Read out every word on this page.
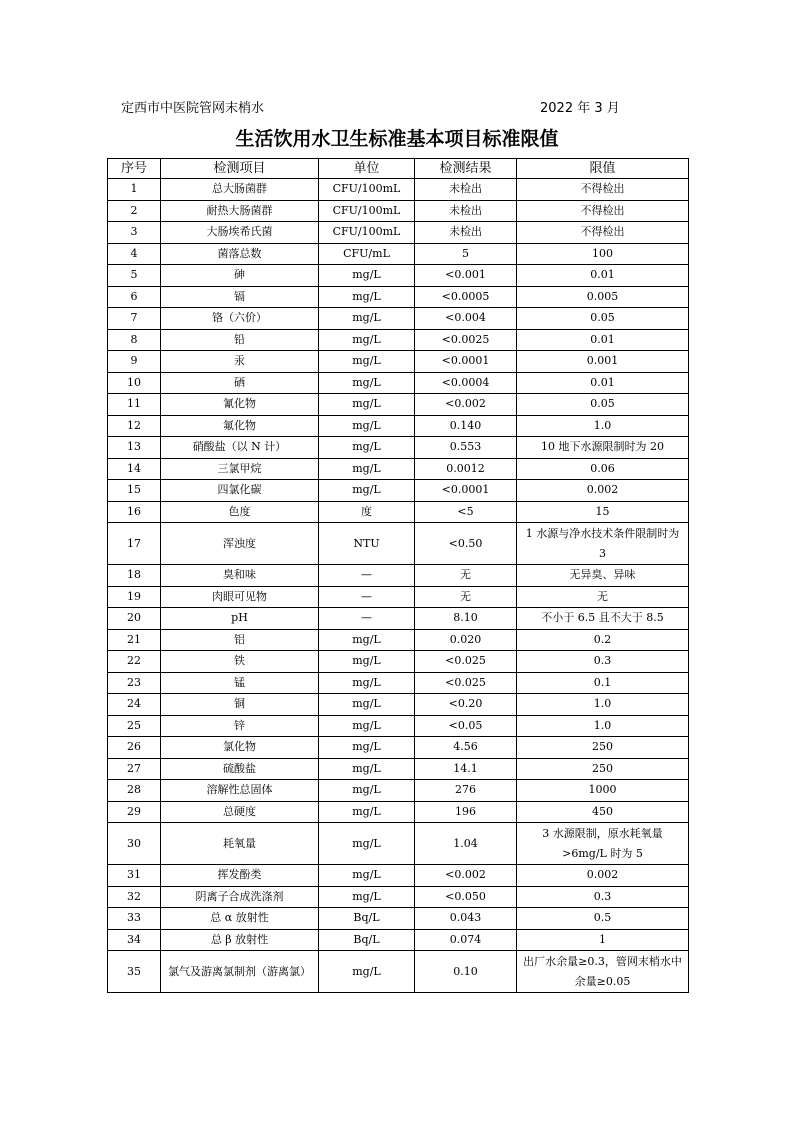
定西市中医院管网末梢水	2022 年 3 月
生活饮用水卫生标准基本项目标准限值
序号	检测项目	单位	检测结果	限值
1	总大肠菌群	CFU/100mL	未检出	不得检出
2	耐热大肠菌群	CFU/100mL	未检出	不得检出
3	大肠埃希氏菌	CFU/100mL	未检出	不得检出
4	菌落总数	CFU/mL	5	100
5	砷	mg/L	<0.001	0.01
6	镉	mg/L	<0.0005	0.005
7	铬（六价）	mg/L	<0.004	0.05
8	铅	mg/L	<0.0025	0.01
9	汞	mg/L	<0.0001	0.001
10	硒	mg/L	<0.0004	0.01
11	氰化物	mg/L	<0.002	0.05
12	氟化物	mg/L	0.140	1.0
13	硝酸盐（以 N 计）	mg/L	0.553	10 地下水源限制时为 20
14	三氯甲烷	mg/L	0.0012	0.06
15	四氯化碳	mg/L	<0.0001	0.002
16	色度	度	<5	15
17	浑浊度	NTU	<0.50	1 水源与净水技术条件限制时为 3
18	臭和味	—	无	无异臭、异味
19	肉眼可见物	—	无	无
20	pH	—	8.10	不小于 6.5 且不大于 8.5
21	铝	mg/L	0.020	0.2
22	铁	mg/L	<0.025	0.3
23	锰	mg/L	<0.025	0.1
24	铜	mg/L	<0.20	1.0
25	锌	mg/L	<0.05	1.0
26	氯化物	mg/L	4.56	250
27	硫酸盐	mg/L	14.1	250
28	溶解性总固体	mg/L	276	1000
29	总硬度	mg/L	196	450
30	耗氧量	mg/L	1.04	3 水源限制，原水耗氧量>6mg/L 时为 5
31	挥发酚类	mg/L	<0.002	0.002
32	阴离子合成洗涤剂	mg/L	<0.050	0.3
33	总 α 放射性	Bq/L	0.043	0.5
34	总 β 放射性	Bq/L	0.074	1
35	氯气及游离氯制剂（游离氯）	mg/L	0.10	出厂水余量≥0.3，管网末梢水中余量≥0.05
